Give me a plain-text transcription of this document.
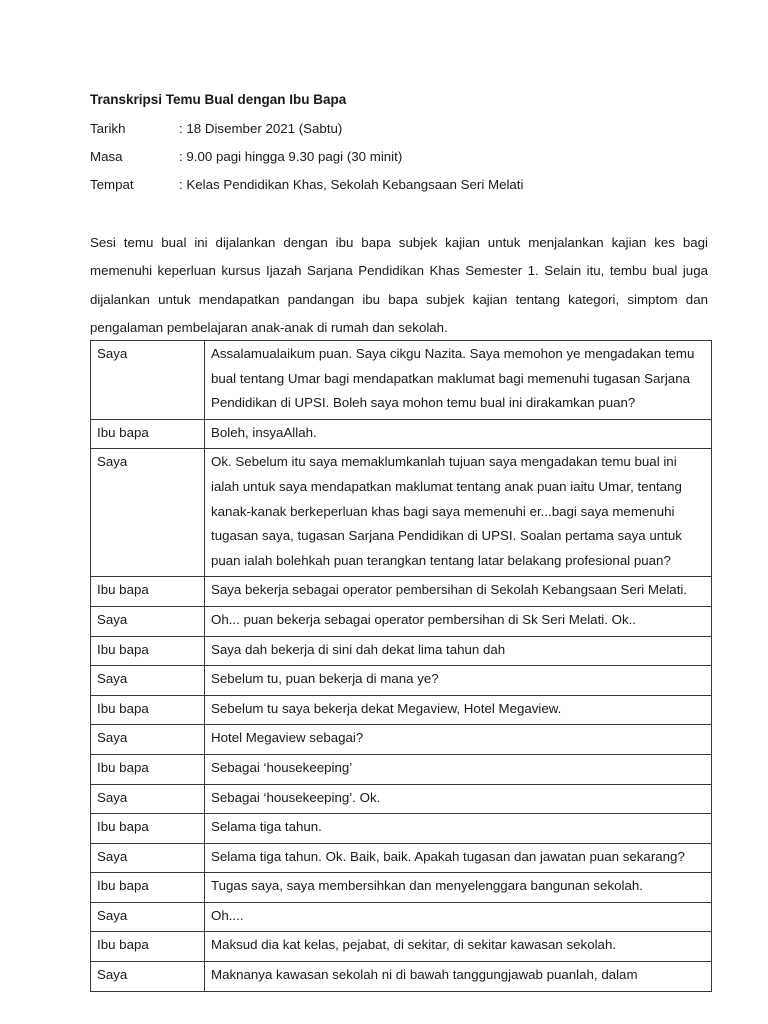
Transkripsi Temu Bual dengan Ibu Bapa
Tarikh	: 18 Disember 2021 (Sabtu)
Masa	: 9.00 pagi hingga 9.30 pagi (30 minit)
Tempat	: Kelas Pendidikan Khas, Sekolah Kebangsaan Seri Melati

Sesi temu bual ini dijalankan dengan ibu bapa subjek kajian untuk menjalankan kajian kes bagi memenuhi keperluan kursus Ijazah Sarjana Pendidikan Khas Semester 1. Selain itu, tembu bual juga dijalankan untuk mendapatkan pandangan ibu bapa subjek kajian tentang kategori, simptom dan pengalaman pembelajaran anak-anak di rumah dan sekolah.

Saya	Assalamualaikum puan. Saya cikgu Nazita. Saya memohon ye mengadakan temu bual tentang Umar bagi mendapatkan maklumat bagi memenuhi tugasan Sarjana Pendidikan di UPSI. Boleh saya mohon temu bual ini dirakamkan puan?
Ibu bapa	Boleh, insyaAllah.
Saya	Ok. Sebelum itu saya memaklumkanlah tujuan saya mengadakan temu bual ini ialah untuk saya mendapatkan maklumat tentang anak puan iaitu Umar, tentang kanak-kanak berkeperluan khas bagi saya memenuhi er...bagi saya memenuhi tugasan saya, tugasan Sarjana Pendidikan di UPSI. Soalan pertama saya untuk puan ialah bolehkah puan terangkan tentang latar belakang profesional puan?
Ibu bapa	Saya bekerja sebagai operator pembersihan di Sekolah Kebangsaan Seri Melati.
Saya	Oh... puan bekerja sebagai operator pembersihan di Sk Seri Melati. Ok..
Ibu bapa	Saya dah bekerja di sini dah dekat lima tahun dah
Saya	Sebelum tu, puan bekerja di mana ye?
Ibu bapa	Sebelum tu saya bekerja dekat Megaview, Hotel Megaview.
Saya	Hotel Megaview sebagai?
Ibu bapa	Sebagai ‘housekeeping’
Saya	Sebagai ‘housekeeping’. Ok.
Ibu bapa	Selama tiga tahun.
Saya	Selama tiga tahun. Ok. Baik, baik. Apakah tugasan dan jawatan puan sekarang?
Ibu bapa	Tugas saya, saya membersihkan dan menyelenggara bangunan sekolah.
Saya	Oh....
Ibu bapa	Maksud dia kat kelas, pejabat, di sekitar, di sekitar kawasan sekolah.
Saya	Maknanya kawasan sekolah ni di bawah tanggungjawab puanlah, dalam
